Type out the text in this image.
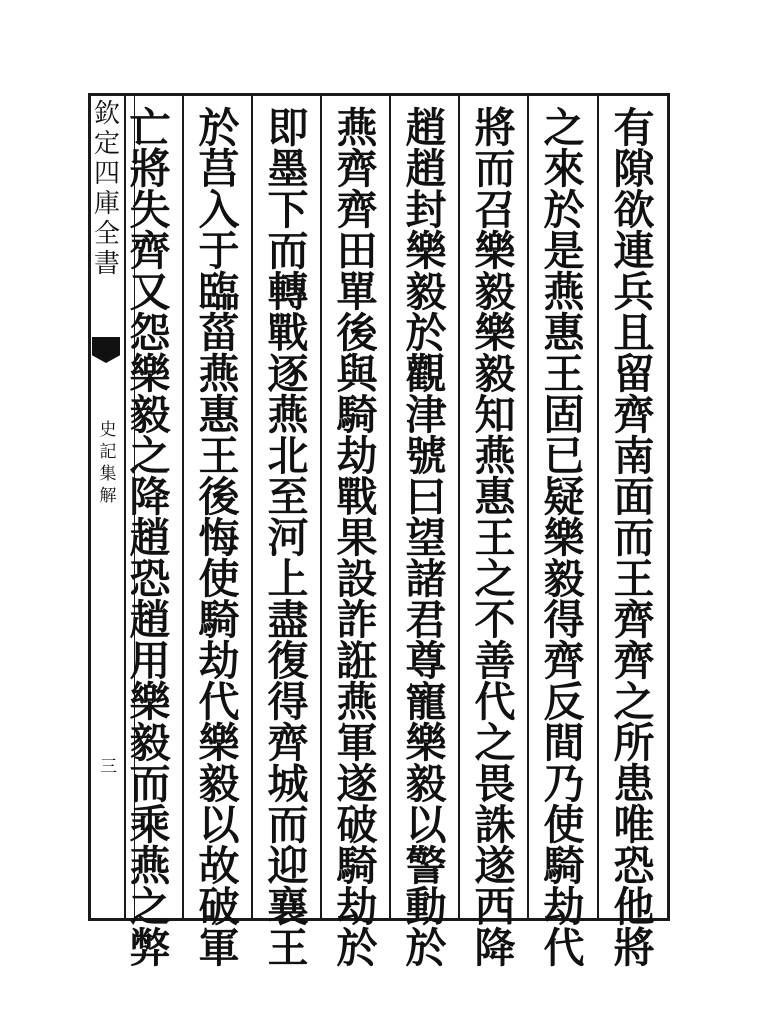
欽
定
四
庫
全
書
史
記
集
解
三
有
隙
欲
連
兵
且
留
齊
南
面
而
王
齊
齊
之
所
患
唯
恐
他
將
之
來
於
是
燕
惠
王
固
已
疑
樂
毅
得
齊
反
間
乃
使
騎
劫
代
將
而
召
樂
毅
樂
毅
知
燕
惠
王
之
不
善
代
之
畏
誅
遂
西
降
趙
趙
封
樂
毅
於
觀
津
號
曰
望
諸
君
尊
寵
樂
毅
以
警
動
於
燕
齊
齊
田
單
後
與
騎
劫
戰
果
設
詐
誑
燕
軍
遂
破
騎
劫
於
即
墨
下
而
轉
戰
逐
燕
北
至
河
上
盡
復
得
齊
城
而
迎
襄
王
於
莒
入
于
臨
菑
燕
惠
王
後
悔
使
騎
劫
代
樂
毅
以
故
破
軍
亡
將
失
齊
又
怨
樂
毅
之
降
趙
恐
趙
用
樂
毅
而
乘
燕
之
弊
